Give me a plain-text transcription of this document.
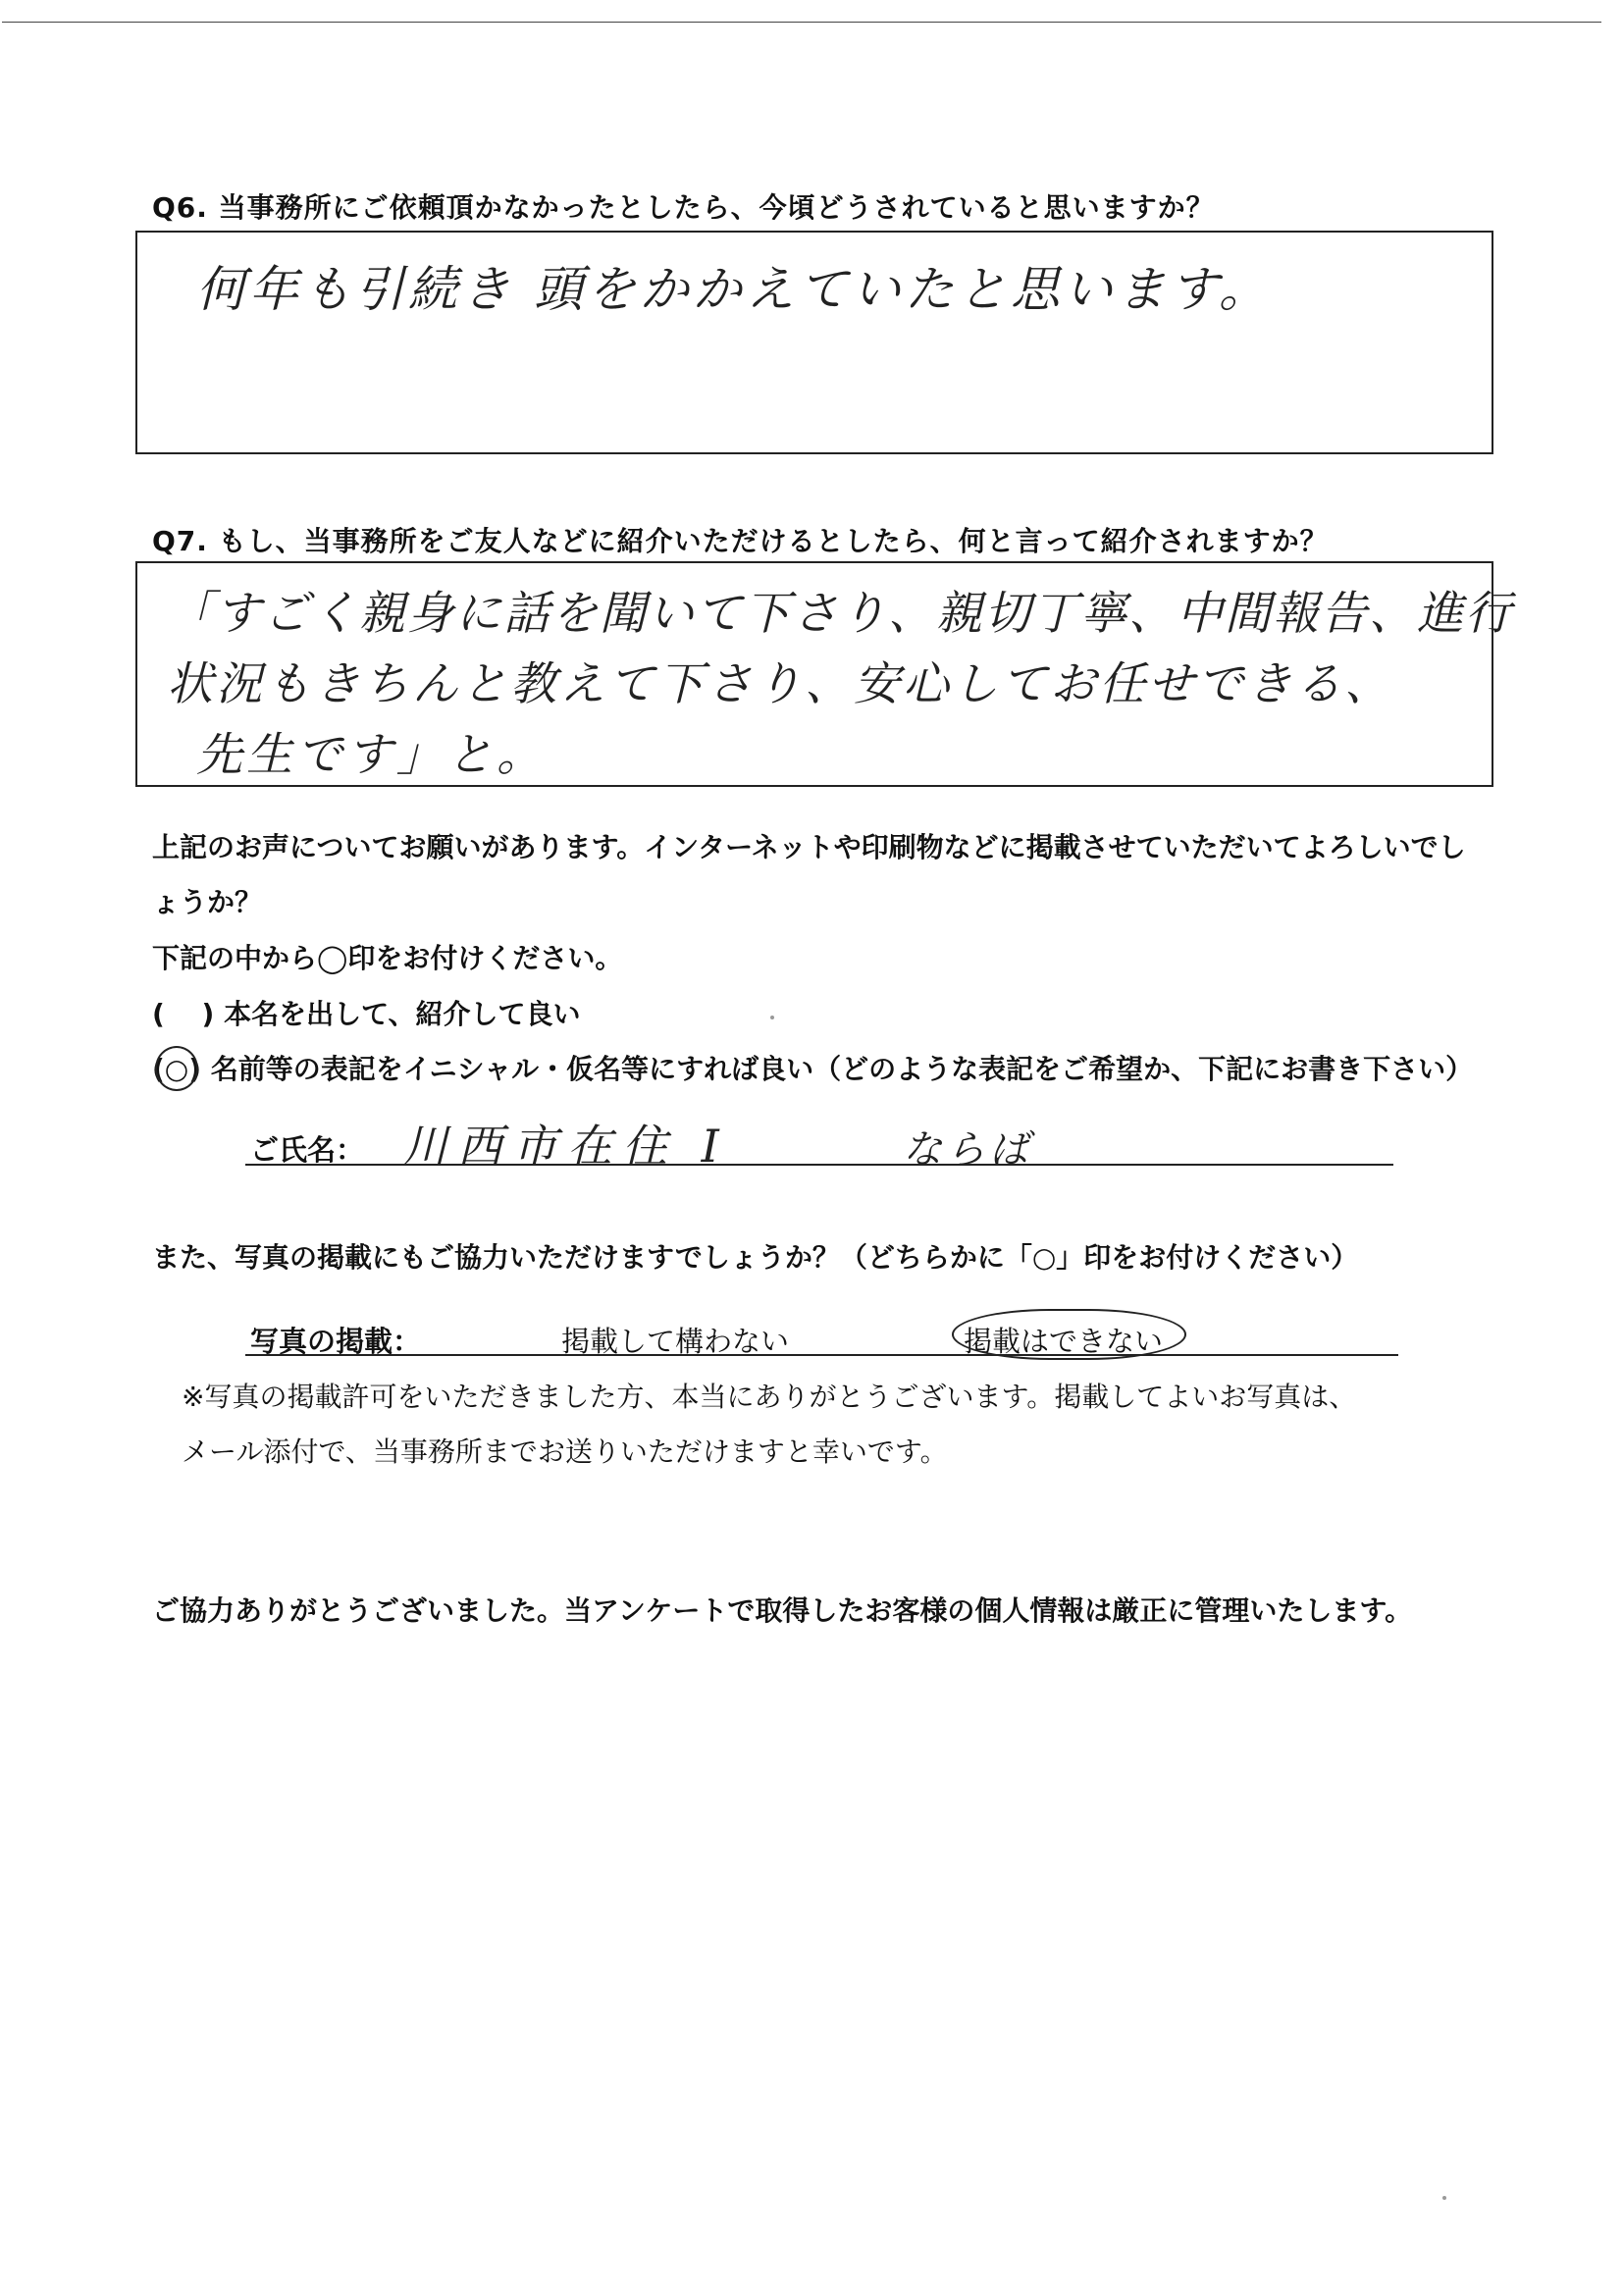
Q6. 当事務所にご依頼頂かなかったとしたら、今頃どうされていると思いますか？
何年も引続き 頭をかかえていたと思います。
Q7. もし、当事務所をご友人などに紹介いただけるとしたら、何と言って紹介されますか？
「すごく親身に話を聞いて下さり、親切丁寧、中間報告、進行
状況もきちんと教えて下さり、安心してお任せできる、
先生です」と。
上記のお声についてお願いがあります。インターネットや印刷物などに掲載させていただいてよろしいでし
ょうか？
下記の中から◯印をお付けください。
(　 ) 本名を出して、紹介して良い
(○) 名前等の表記をイニシャル・仮名等にすれば良い（どのような表記をご希望か、下記にお書き下さい）
ご氏名： 川西市在住 I	ならば
また、写真の掲載にもご協力いただけますでしょうか？（どちらかに「○」印をお付けください）
写真の掲載：	掲載して構わない	掲載はできない
※写真の掲載許可をいただきました方、本当にありがとうございます。掲載してよいお写真は、
メール添付で、当事務所までお送りいただけますと幸いです。
ご協力ありがとうございました。当アンケートで取得したお客様の個人情報は厳正に管理いたします。
